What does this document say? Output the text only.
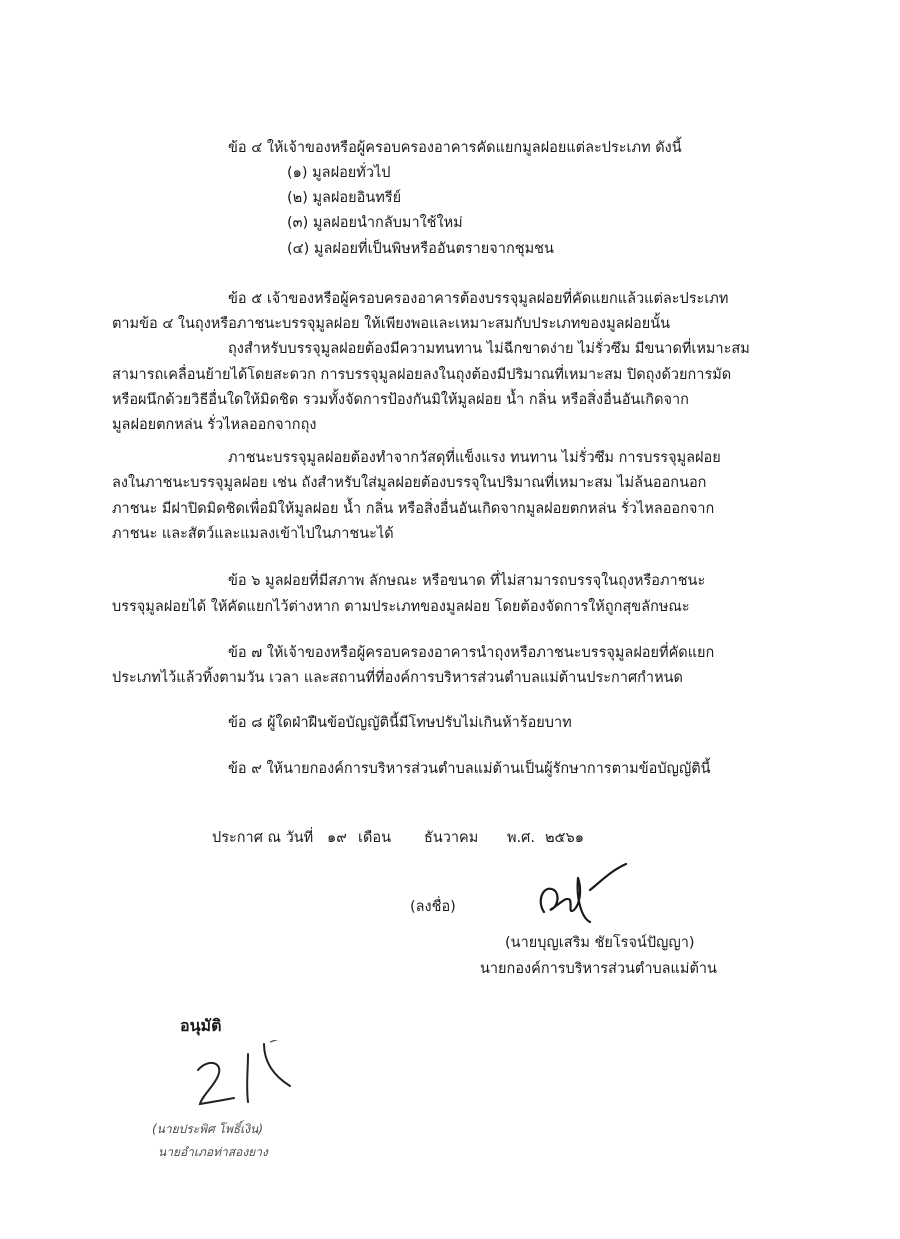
ข้อ ๔ ให้เจ้าของหรือผู้ครอบครองอาคารคัดแยกมูลฝอยแต่ละประเภท ดังนี้
(๑) มูลฝอยทั่วไป
(๒) มูลฝอยอินทรีย์
(๓) มูลฝอยนำกลับมาใช้ใหม่
(๔) มูลฝอยที่เป็นพิษหรืออันตรายจากชุมชน
ข้อ ๕ เจ้าของหรือผู้ครอบครองอาคารต้องบรรจุมูลฝอยที่คัดแยกแล้วแต่ละประเภท
ตามข้อ ๔ ในถุงหรือภาชนะบรรจุมูลฝอย ให้เพียงพอและเหมาะสมกับประเภทของมูลฝอยนั้น
ถุงสำหรับบรรจุมูลฝอยต้องมีความทนทาน ไม่ฉีกขาดง่าย ไม่รั่วซึม มีขนาดที่เหมาะสม
สามารถเคลื่อนย้ายได้โดยสะดวก การบรรจุมูลฝอยลงในถุงต้องมีปริมาณที่เหมาะสม ปิดถุงด้วยการมัด
หรือผนึกด้วยวิธีอื่นใดให้มิดชิด รวมทั้งจัดการป้องกันมิให้มูลฝอย น้ำ กลิ่น หรือสิ่งอื่นอันเกิดจาก
มูลฝอยตกหล่น รั่วไหลออกจากถุง
ภาชนะบรรจุมูลฝอยต้องทำจากวัสดุที่แข็งแรง ทนทาน ไม่รั่วซึม การบรรจุมูลฝอย
ลงในภาชนะบรรจุมูลฝอย เช่น ถังสำหรับใส่มูลฝอยต้องบรรจุในปริมาณที่เหมาะสม ไม่ล้นออกนอก
ภาชนะ มีฝาปิดมิดชิดเพื่อมิให้มูลฝอย น้ำ กลิ่น หรือสิ่งอื่นอันเกิดจากมูลฝอยตกหล่น รั่วไหลออกจาก
ภาชนะ และสัตว์และแมลงเข้าไปในภาชนะได้
ข้อ ๖ มูลฝอยที่มีสภาพ ลักษณะ หรือขนาด ที่ไม่สามารถบรรจุในถุงหรือภาชนะ
บรรจุมูลฝอยได้ ให้คัดแยกไว้ต่างหาก ตามประเภทของมูลฝอย โดยต้องจัดการให้ถูกสุขลักษณะ
ข้อ ๗ ให้เจ้าของหรือผู้ครอบครองอาคารนำถุงหรือภาชนะบรรจุมูลฝอยที่คัดแยก
ประเภทไว้แล้วทิ้งตามวัน เวลา และสถานที่ที่องค์การบริหารส่วนตำบลแม่ต้านประกาศกำหนด
ข้อ ๘ ผู้ใดฝ่าฝืนข้อบัญญัตินี้มีโทษปรับไม่เกินห้าร้อยบาท
ข้อ ๙ ให้นายกองค์การบริหารส่วนตำบลแม่ต้านเป็นผู้รักษาการตามข้อบัญญัตินี้
ประกาศ ณ วันที่ ๑๙ เดือน ธันวาคม พ.ศ. ๒๕๖๑
(ลงชื่อ)
(นายบุญเสริม ชัยโรจน์ปัญญา)
นายกองค์การบริหารส่วนตำบลแม่ต้าน
อนุมัติ
(นายประพิศ โพธิ์เงิน)
นายอำเภอท่าสองยาง
